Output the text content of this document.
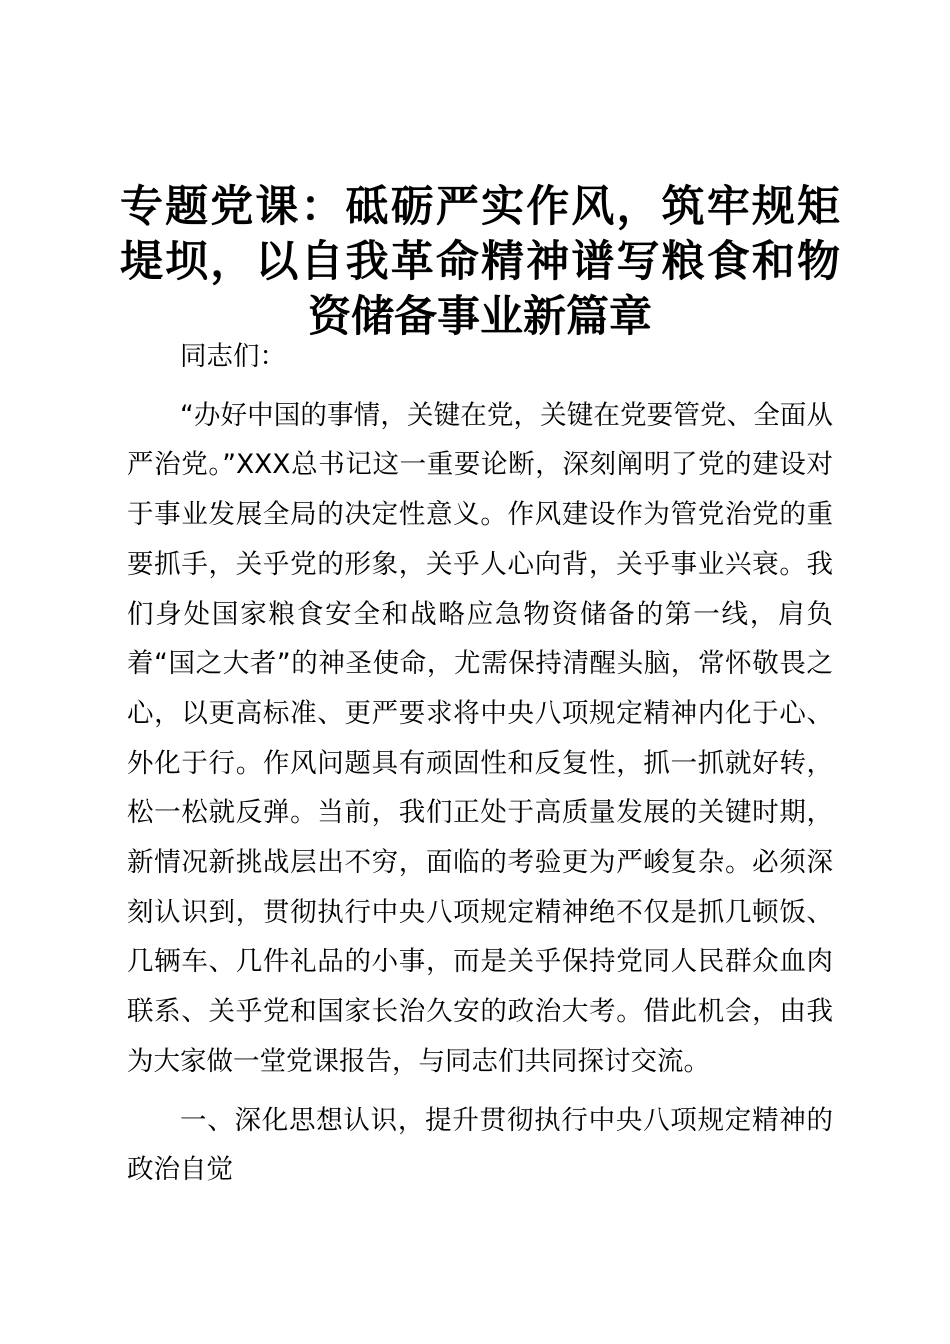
专题党课：砥砺严实作风，筑牢规矩堤坝，以自我革命精神谱写粮食和物资储备事业新篇章

同志们：

“办好中国的事情，关键在党，关键在党要管党、全面从严治党。”XXX总书记这一重要论断，深刻阐明了党的建设对于事业发展全局的决定性意义。作风建设作为管党治党的重要抓手，关乎党的形象，关乎人心向背，关乎事业兴衰。我们身处国家粮食安全和战略应急物资储备的第一线，肩负着“国之大者”的神圣使命，尤需保持清醒头脑，常怀敬畏之心，以更高标准、更严要求将中央八项规定精神内化于心、外化于行。作风问题具有顽固性和反复性，抓一抓就好转，松一松就反弹。当前，我们正处于高质量发展的关键时期，新情况新挑战层出不穷，面临的考验更为严峻复杂。必须深刻认识到，贯彻执行中央八项规定精神绝不仅是抓几顿饭、几辆车、几件礼品的小事，而是关乎保持党同人民群众血肉联系、关乎党和国家长治久安的政治大考。借此机会，由我为大家做一堂党课报告，与同志们共同探讨交流。

一、深化思想认识，提升贯彻执行中央八项规定精神的政治自觉
